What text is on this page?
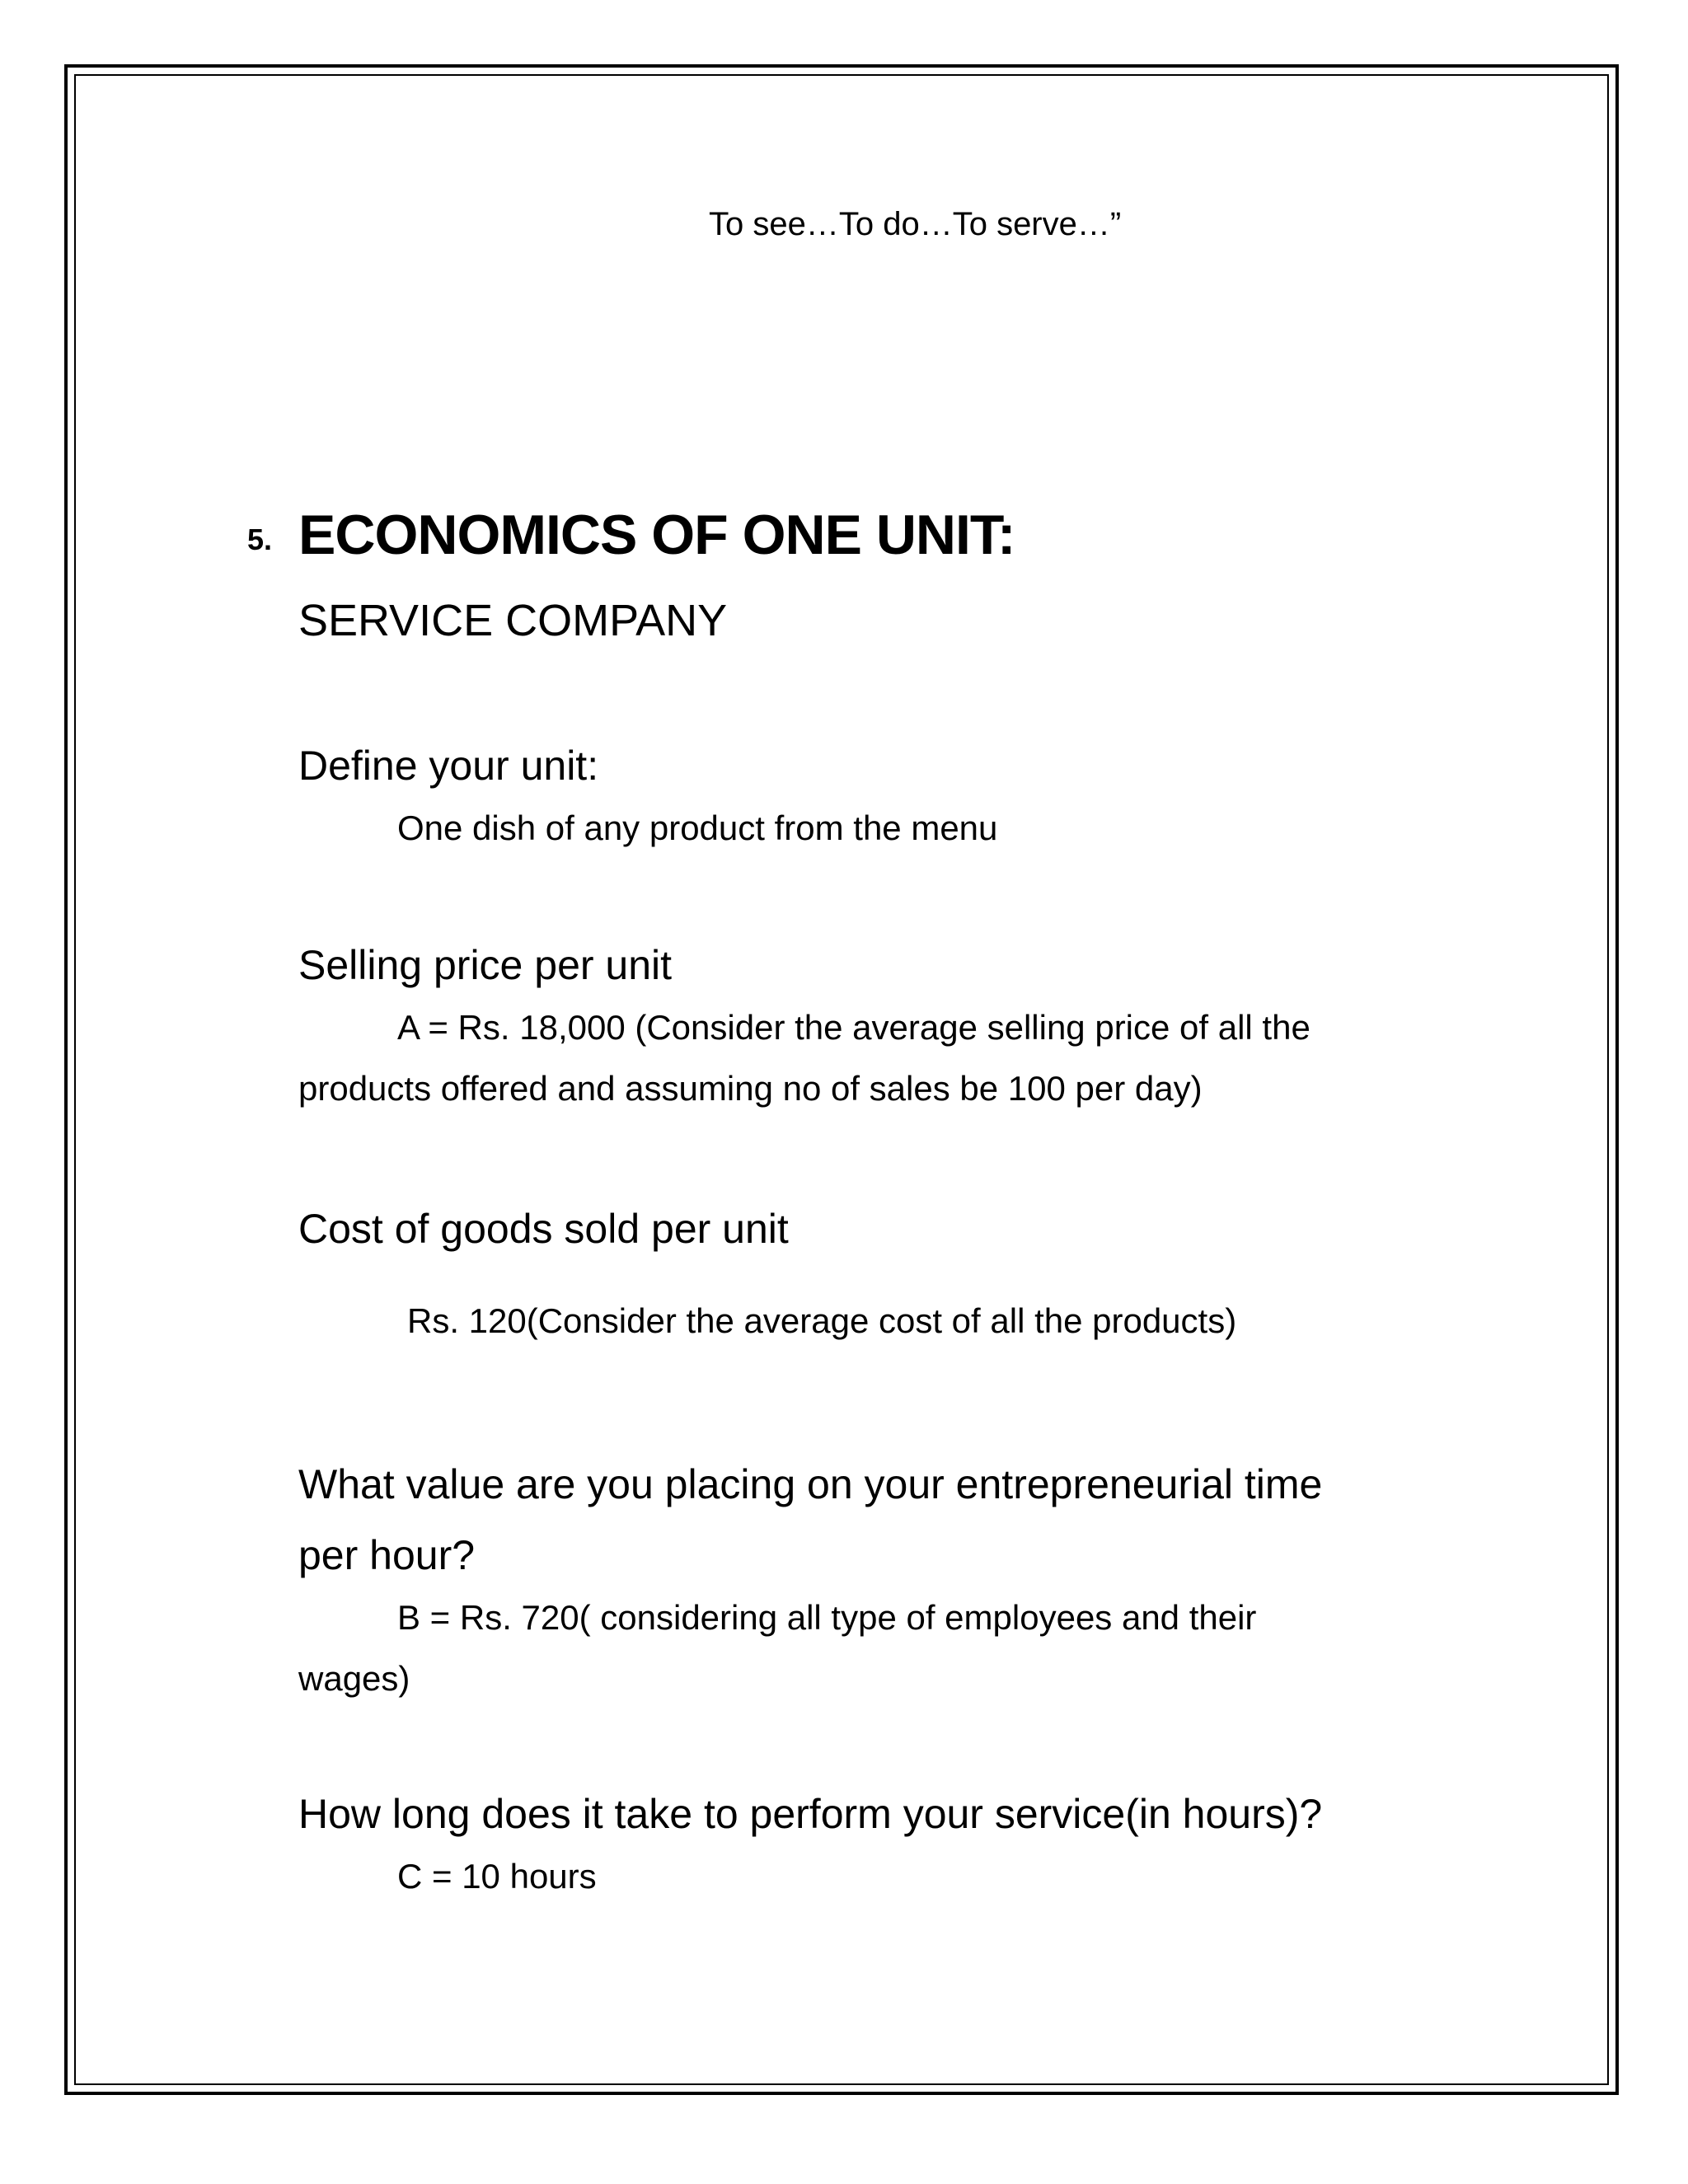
To see…To do…To serve…”
5. ECONOMICS OF ONE UNIT:
SERVICE COMPANY
Define your unit:
One dish of any product from the menu
Selling price per unit
A = Rs. 18,000 (Consider the average selling price of all the
products offered and assuming no of sales be 100 per day)
Cost of goods sold per unit
Rs. 120(Consider the average cost of all the products)
What value are you placing on your entrepreneurial time
per hour?
B = Rs. 720( considering all type of employees and their
wages)
How long does it take to perform your service(in hours)?
C = 10 hours
